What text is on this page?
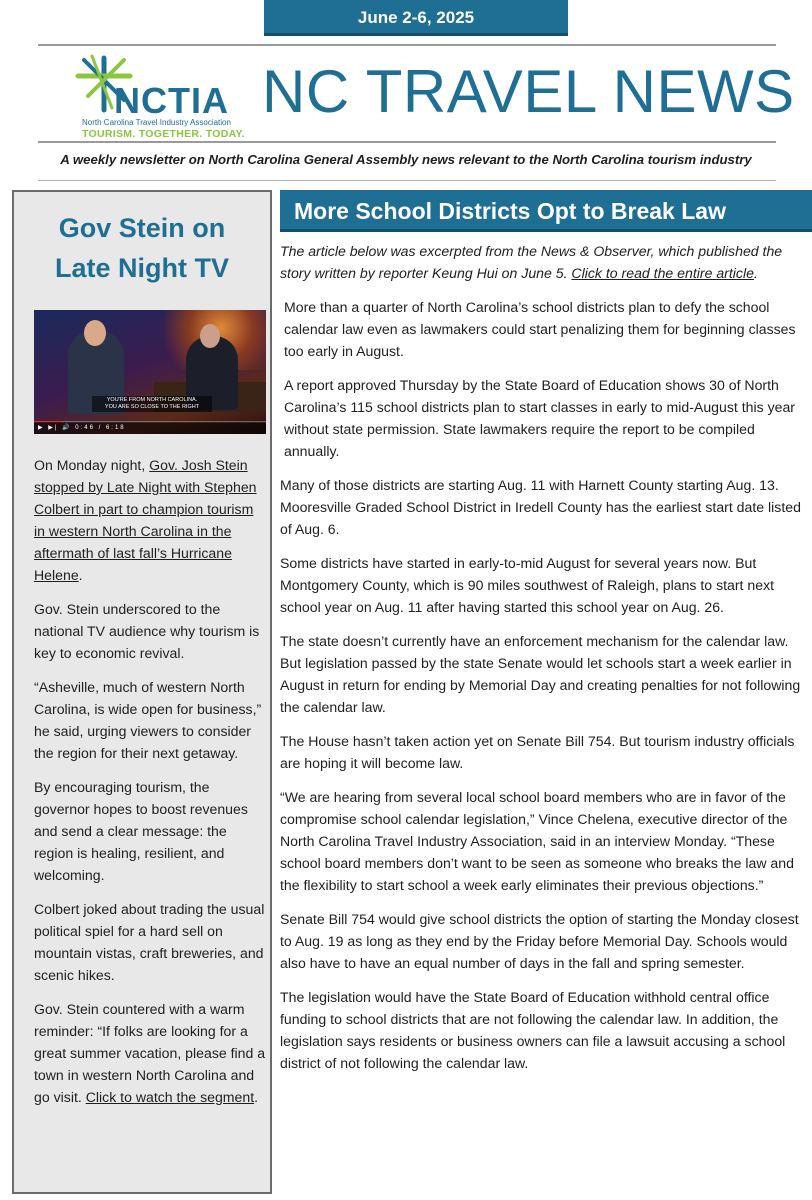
June 2-6, 2025
NCTIA
North Carolina Travel Industry Association
TOURISM. TOGETHER. TODAY.
NC TRAVEL NEWS
A weekly newsletter on North Carolina General Assembly news relevant to the North Carolina tourism industry
Gov Stein on
Late Night TV
YOU'RE FROM NORTH CAROLINA.
YOU ARE SO CLOSE TO THE RIGHT
▶ ▶| 🔊 0:46 / 6:18

On Monday night, Gov. Josh Stein stopped by Late Night with Stephen Colbert in part to champion tourism in western North Carolina in the aftermath of last fall’s Hurricane Helene.

Gov. Stein underscored to the national TV audience why tourism is key to economic revival.

“Asheville, much of western North Carolina, is wide open for business,” he said, urging viewers to consider the region for their next getaway.

By encouraging tourism, the governor hopes to boost revenues and send a clear message: the region is healing, resilient, and welcoming.

Colbert joked about trading the usual political spiel for a hard sell on mountain vistas, craft breweries, and scenic hikes.

Gov. Stein countered with a warm reminder: “If folks are looking for a great summer vacation, please find a town in western North Carolina and go visit. Click to watch the segment.

More School Districts Opt to Break Law

The article below was excerpted from the News & Observer, which published the story written by reporter Keung Hui on June 5. Click to read the entire article.

More than a quarter of North Carolina’s school districts plan to defy the school calendar law even as lawmakers could start penalizing them for beginning classes too early in August.

A report approved Thursday by the State Board of Education shows 30 of North Carolina’s 115 school districts plan to start classes in early to mid-August this year without state permission. State lawmakers require the report to be compiled annually.

Many of those districts are starting Aug. 11 with Harnett County starting Aug. 13. Mooresville Graded School District in Iredell County has the earliest start date listed of Aug. 6.

Some districts have started in early-to-mid August for several years now. But Montgomery County, which is 90 miles southwest of Raleigh, plans to start next school year on Aug. 11 after having started this school year on Aug. 26.

The state doesn’t currently have an enforcement mechanism for the calendar law. But legislation passed by the state Senate would let schools start a week earlier in August in return for ending by Memorial Day and creating penalties for not following the calendar law.

The House hasn’t taken action yet on Senate Bill 754. But tourism industry officials are hoping it will become law.

“We are hearing from several local school board members who are in favor of the compromise school calendar legislation,” Vince Chelena, executive director of the North Carolina Travel Industry Association, said in an interview Monday. “These school board members don’t want to be seen as someone who breaks the law and the flexibility to start school a week early eliminates their previous objections.”

Senate Bill 754 would give school districts the option of starting the Monday closest to Aug. 19 as long as they end by the Friday before Memorial Day. Schools would also have to have an equal number of days in the fall and spring semester.

The legislation would have the State Board of Education withhold central office funding to school districts that are not following the calendar law. In addition, the legislation says residents or business owners can file a lawsuit accusing a school district of not following the calendar law.
